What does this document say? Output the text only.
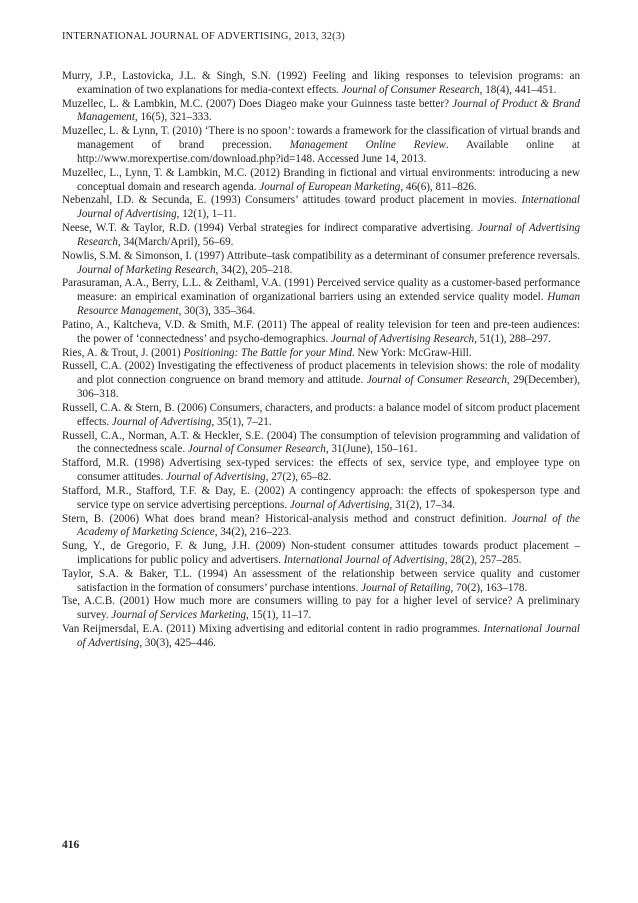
INTERNATIONAL JOURNAL OF ADVERTISING, 2013, 32(3)
Murry, J.P., Lastovicka, J.L. & Singh, S.N. (1992) Feeling and liking responses to television programs: an examination of two explanations for media-context effects. Journal of Consumer Research, 18(4), 441–451.
Muzellec, L. & Lambkin, M.C. (2007) Does Diageo make your Guinness taste better? Journal of Product & Brand Management, 16(5), 321–333.
Muzellec, L. & Lynn, T. (2010) ‘There is no spoon’: towards a framework for the classification of virtual brands and management of brand precession. Management Online Review. Available online at http://www.morexpertise.com/download.php?id=148. Accessed June 14, 2013.
Muzellec, L., Lynn, T. & Lambkin, M.C. (2012) Branding in fictional and virtual environments: introducing a new conceptual domain and research agenda. Journal of European Marketing, 46(6), 811–826.
Nebenzahl, I.D. & Secunda, E. (1993) Consumers’ attitudes toward product placement in movies. International Journal of Advertising, 12(1), 1–11.
Neese, W.T. & Taylor, R.D. (1994) Verbal strategies for indirect comparative advertising. Journal of Advertising Research, 34(March/April), 56–69.
Nowlis, S.M. & Simonson, I. (1997) Attribute–task compatibility as a determinant of consumer preference reversals. Journal of Marketing Research, 34(2), 205–218.
Parasuraman, A.A., Berry, L.L. & Zeithaml, V.A. (1991) Perceived service quality as a customer-based performance measure: an empirical examination of organizational barriers using an extended service quality model. Human Resource Management, 30(3), 335–364.
Patino, A., Kaltcheva, V.D. & Smith, M.F. (2011) The appeal of reality television for teen and pre-teen audiences: the power of ‘connectedness’ and psycho-demographics. Journal of Advertising Research, 51(1), 288–297.
Ries, A. & Trout, J. (2001) Positioning: The Battle for your Mind. New York: McGraw-Hill.
Russell, C.A. (2002) Investigating the effectiveness of product placements in television shows: the role of modality and plot connection congruence on brand memory and attitude. Journal of Consumer Research, 29(December), 306–318.
Russell, C.A. & Stern, B. (2006) Consumers, characters, and products: a balance model of sitcom product placement effects. Journal of Advertising, 35(1), 7–21.
Russell, C.A., Norman, A.T. & Heckler, S.E. (2004) The consumption of television programming and validation of the connectedness scale. Journal of Consumer Research, 31(June), 150–161.
Stafford, M.R. (1998) Advertising sex-typed services: the effects of sex, service type, and employee type on consumer attitudes. Journal of Advertising, 27(2), 65–82.
Stafford, M.R., Stafford, T.F. & Day, E. (2002) A contingency approach: the effects of spokesperson type and service type on service advertising perceptions. Journal of Advertising, 31(2), 17–34.
Stern, B. (2006) What does brand mean? Historical-analysis method and construct definition. Journal of the Academy of Marketing Science, 34(2), 216–223.
Sung, Y., de Gregorio, F. & Jung, J.H. (2009) Non-student consumer attitudes towards product placement – implications for public policy and advertisers. International Journal of Advertising, 28(2), 257–285.
Taylor, S.A. & Baker, T.L. (1994) An assessment of the relationship between service quality and customer satisfaction in the formation of consumers’ purchase intentions. Journal of Retailing, 70(2), 163–178.
Tse, A.C.B. (2001) How much more are consumers willing to pay for a higher level of service? A preliminary survey. Journal of Services Marketing, 15(1), 11–17.
Van Reijmersdal, E.A. (2011) Mixing advertising and editorial content in radio programmes. International Journal of Advertising, 30(3), 425–446.
416
